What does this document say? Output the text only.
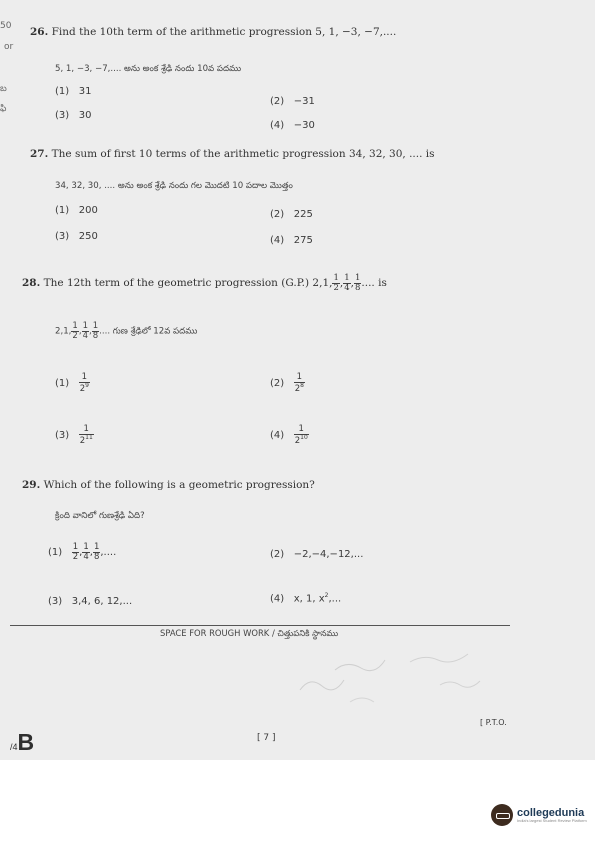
50
or
బ
ఫి
26. Find the 10th term of the arithmetic progression 5, 1, −3, −7,....
5, 1, −3, −7,.... అను అంక శ్రేఢి నందు 10వ పదము
(1) 31
(2) −31
(3) 30
(4) −30
27. The sum of first 10 terms of the arithmetic progression 34, 32, 30, .... is
34, 32, 30, .... అను అంక శ్రేఢి నందు గల మొదటి 10 పదాల మొత్తం
(1) 200	(2) 225
(3) 250	(4) 275
28. The 12th term of the geometric progression (G.P.) 2,1, $\frac{1}{2}$ , $\frac{1}{4}$ , $\frac{1}{8}$ .... is
2,1, $\frac{1}{2}$ , $\frac{1}{4}$ , $\frac{1}{8}$ .... గుణ శ్రేఢిలో 12వ పదము
$(1) \frac{1}{2^9}$	$(2) \frac{1}{2^8}$
$(3) \frac{1}{2^{11}}$	$(4) \frac{1}{2^{10}}$
29. Which of the following is a geometric progression?
క్రింది వానిలో గుణశ్రేఢి ఏది?
$(1) \frac{1}{2}$ , $\frac{1}{4}$ , $\frac{1}{8}$ ,....	(2) −2,−4,−12,...
(3) 3,4, 6, 12,...	(4) x, 1, $x^2$,...
SPACE FOR ROUGH WORK / చిత్తుపనికి స్థానము
/4B	[ 7 ]
[ P.T.O.
collegedunia
India's largest Student Review Platform
